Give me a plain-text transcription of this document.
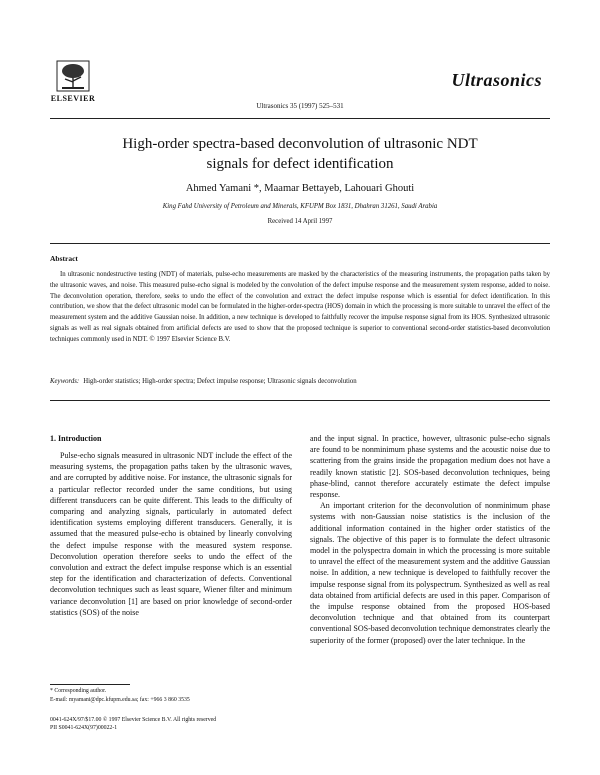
ELSEVIER
Ultrasonics 35 (1997) 525–531
Ultrasonics
High-order spectra-based deconvolution of ultrasonic NDT
signals for defect identification
Ahmed Yamani *, Maamar Bettayeb, Lahouari Ghouti
King Fahd University of Petroleum and Minerals, KFUPM Box 1831, Dhahran 31261, Saudi Arabia
Received 14 April 1997
Abstract

In ultrasonic nondestructive testing (NDT) of materials, pulse-echo measurements are masked by the characteristics of the measuring instruments, the propagation paths taken by the ultrasonic waves, and noise. This measured pulse-echo signal is modeled by the convolution of the defect impulse response and the measurement system response, added to noise. The deconvolution operation, therefore, seeks to undo the effect of the convolution and extract the defect impulse response which is essential for defect identification. In this contribution, we show that the defect ultrasonic model can be formulated in the higher-order-spectra (HOS) domain in which the processing is more suitable to unravel the effect of the measurement system and the additive Gaussian noise. In addition, a new technique is developed to faithfully recover the impulse response signal from its HOS. Synthesized ultrasonic signals as well as real signals obtained from artificial defects are used to show that the proposed technique is superior to conventional second-order statistics-based deconvolution techniques commonly used in NDT. © 1997 Elsevier Science B.V.

Keywords: High-order statistics; High-order spectra; Defect impulse response; Ultrasonic signals deconvolution
1. Introduction

Pulse-echo signals measured in ultrasonic NDT include the effect of the measuring systems, the propagation paths taken by the ultrasonic waves, and are corrupted by additive noise. For instance, the ultrasonic signals for a particular reflector recorded under the same conditions, but using different transducers can be quite different. This leads to the difficulty of comparing and analyzing signals, particularly in automated defect identification systems employing different transducers. Generally, it is assumed that the measured pulse-echo is obtained by linearly convolving the defect impulse response with the measured system response. Deconvolution operation therefore seeks to undo the effect of the convolution and extract the defect impulse response which is an essential step for the identification and characterization of defects. Conventional deconvolution techniques such as least square, Wiener filter and minimum variance deconvolution [1] are based on prior knowledge of second-order statistics (SOS) of the noise

and the input signal. In practice, however, ultrasonic pulse-echo signals are found to be nonminimum phase systems and the acoustic noise due to scattering from the grains inside the propagation medium does not have a readily known statistic [2]. SOS-based deconvolution techniques, being phase-blind, cannot therefore accurately estimate the defect impulse response.

An important criterion for the deconvolution of nonminimum phase systems with non-Gaussian noise statistics is the inclusion of the additional information contained in the higher order statistics of the signals. The objective of this paper is to formulate the defect ultrasonic model in the polyspectra domain in which the processing is more suitable to unravel the effect of the measurement system and the additive Gaussian noise. In addition, a new technique is developed to faithfully recover the impulse response signal from its polyspectrum. Synthesized as well as real data obtained from artificial defects are used in this paper. Comparison of the impulse response obtained from the proposed HOS-based deconvolution technique and that obtained from its counterpart conventional SOS-based deconvolution technique demonstrates clearly the superiority of the former (proposed) over the later technique. In the

* Corresponding author.
E-mail: myamani@dpc.kfupm.edu.sa; fax: +966 3 860 3535
0041-624X/97/$17.00 © 1997 Elsevier Science B.V. All rights reserved
PII S0041-624X(97)00022-1
